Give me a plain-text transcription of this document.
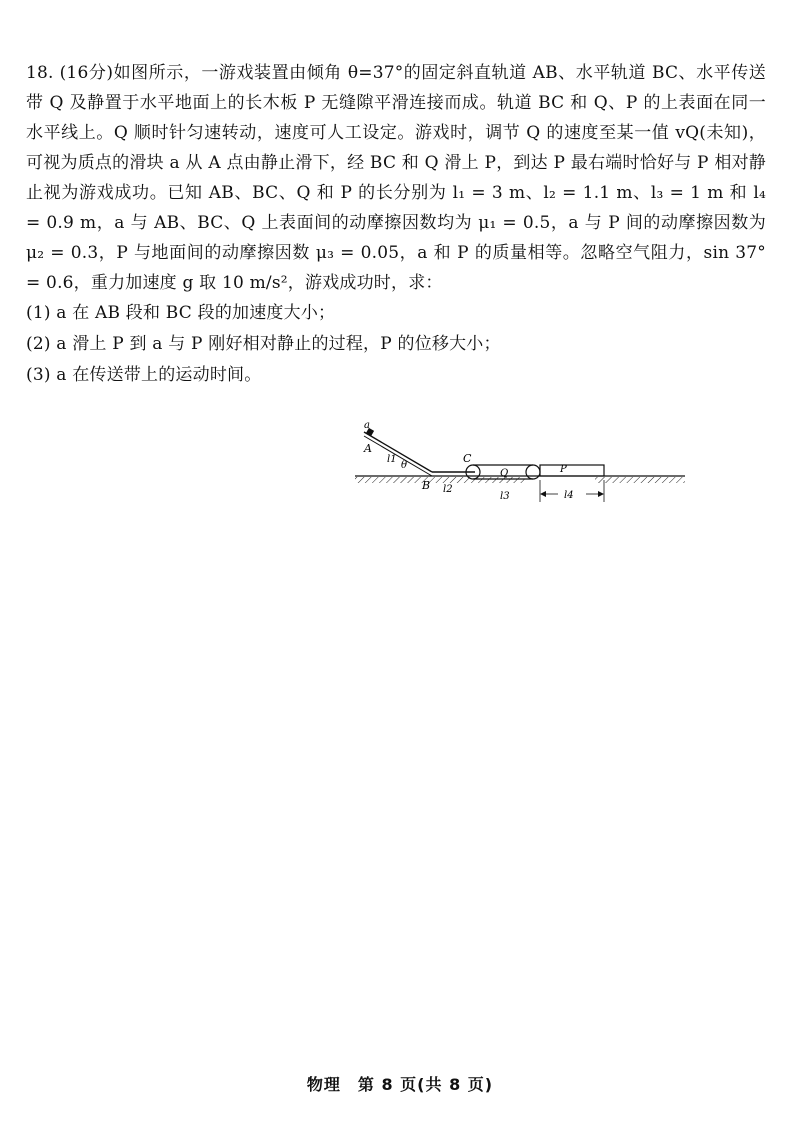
18. (16分)如图所示，一游戏装置由倾角 θ=37°的固定斜直轨道 AB、水平轨道 BC、水平传送带 Q 及静置于水平地面上的长木板 P 无缝隙平滑连接而成。轨道 BC 和 Q、P 的上表面在同一水平线上。Q 顺时针匀速转动，速度可人工设定。游戏时，调节 Q 的速度至某一值 vQ(未知)，可视为质点的滑块 a 从 A 点由静止滑下，经 BC 和 Q 滑上 P，到达 P 最右端时恰好与 P 相对静止视为游戏成功。已知 AB、BC、Q 和 P 的长分别为 l₁ = 3 m、l₂ = 1.1 m、l₃ = 1 m 和 l₄ = 0.9 m，a 与 AB、BC、Q 上表面间的动摩擦因数均为 μ₁ = 0.5，a 与 P 间的动摩擦因数为 μ₂ = 0.3，P 与地面间的动摩擦因数 μ₃ = 0.05，a 和 P 的质量相等。忽略空气阻力，sin 37° = 0.6，重力加速度 g 取 10 m/s²，游戏成功时，求：

(1) a 在 AB 段和 BC 段的加速度大小；

(2) a 滑上 P 到 a 与 P 刚好相对静止的过程，P 的位移大小；

(3) a 在传送带上的运动时间。

a
A
l1
θ
B
C
l2
Q
l3
P
l4
物理　第 8 页(共 8 页)
